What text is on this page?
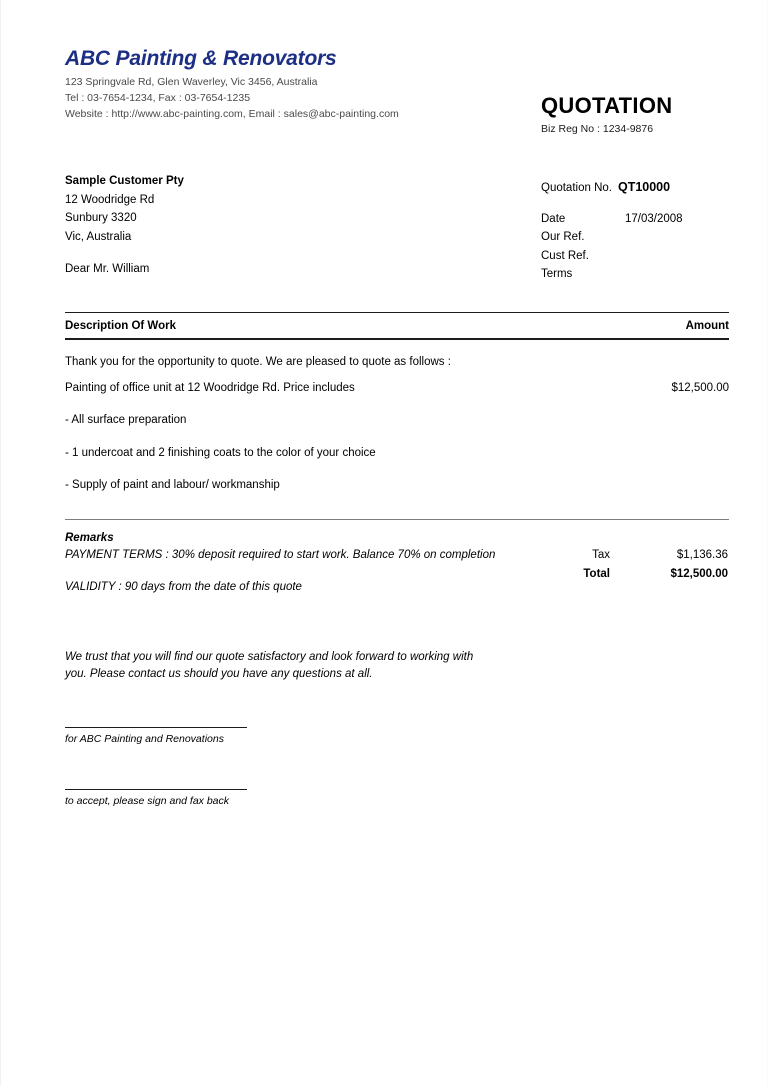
ABC Painting & Renovators
123 Springvale Rd, Glen Waverley, Vic 3456, Australia
Tel : 03-7654-1234, Fax : 03-7654-1235
Website : http://www.abc-painting.com, Email : sales@abc-painting.com	QUOTATION
Biz Reg No : 1234-9876
Sample Customer Pty
12 Woodridge Rd
Sunbury 3320
Vic, Australia
Dear Mr. William
Quotation No. QT10000
Date	17/03/2008
Our Ref.
Cust Ref.
Terms
Description Of Work	Amount
Thank you for the opportunity to quote. We are pleased to quote as follows :
Painting of office unit at 12 Woodridge Rd. Price includes	$12,500.00
- All surface preparation
- 1 undercoat and 2 finishing coats to the color of your choice
- Supply of paint and labour/ workmanship
Remarks
PAYMENT TERMS : 30% deposit required to start work. Balance 70% on completion
VALIDITY : 90 days from the date of this quote
Tax	$1,136.36
Total	$12,500.00
We trust that you will find our quote satisfactory and look forward to working with you. Please contact us should you have any questions at all.
for ABC Painting and Renovations
to accept, please sign and fax back
